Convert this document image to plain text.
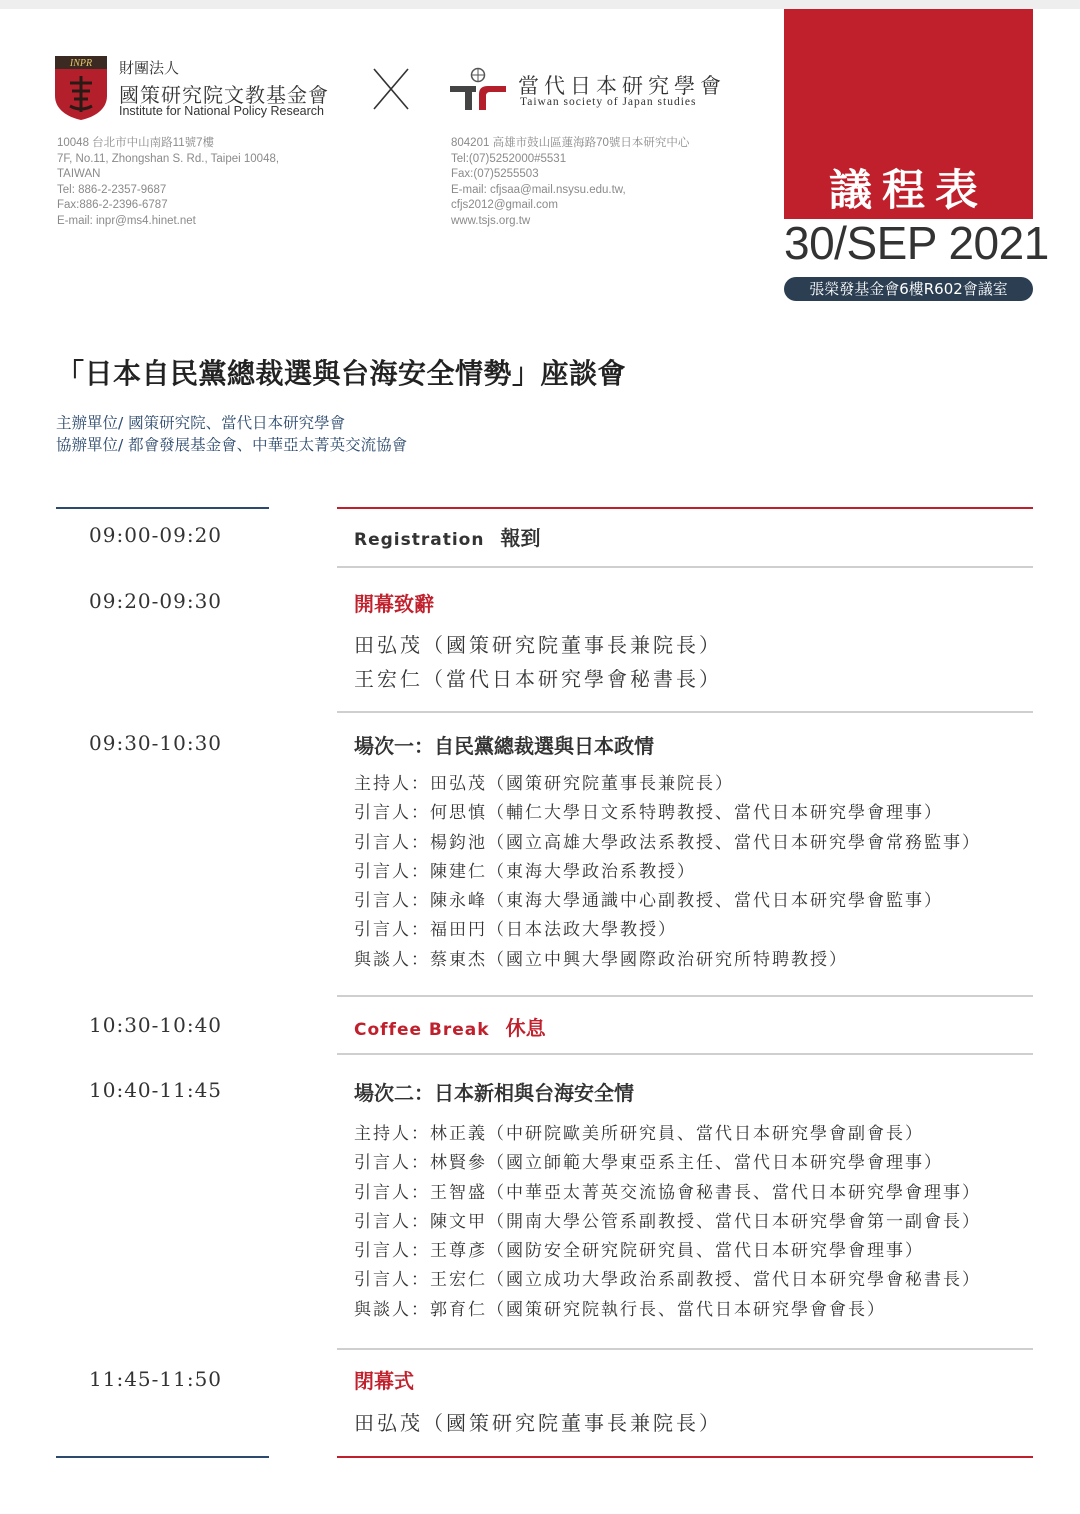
INPR 財團法人
國策研究院文教基金會
Institute for National Policy Research
當代日本研究學會
Taiwan society of Japan studies
10048 台北市中山南路11號7樓
7F, No.11, Zhongshan S. Rd., Taipei 10048,
TAIWAN
Tel: 886-2-2357-9687
Fax:886-2-2396-6787
E-mail: inpr@ms4.hinet.net
804201 高雄市鼓山區蓮海路70號日本研究中心
Tel:(07)5252000#5531
Fax:(07)5255503
E-mail: cfjsaa@mail.nsysu.edu.tw,
cfjs2012@gmail.com
www.tsjs.org.tw
議程表
30/SEP 2021
張榮發基金會6樓R602會議室
「日本自民黨總裁選與台海安全情勢」座談會
主辦單位/ 國策研究院、當代日本研究學會
協辦單位/ 都會發展基金會、中華亞太菁英交流協會
09:00-09:20	Registration 報到
09:20-09:30	開幕致辭
田弘茂（國策研究院董事長兼院長）
王宏仁（當代日本研究學會秘書長）
09:30-10:30	場次一：自民黨總裁選與日本政情
主持人：田弘茂（國策研究院董事長兼院長）
引言人：何思慎（輔仁大學日文系特聘教授、當代日本研究學會理事）
引言人：楊鈞池（國立高雄大學政法系教授、當代日本研究學會常務監事）
引言人：陳建仁（東海大學政治系教授）
引言人：陳永峰（東海大學通識中心副教授、當代日本研究學會監事）
引言人：福田円（日本法政大學教授）
與談人：蔡東杰（國立中興大學國際政治研究所特聘教授）
10:30-10:40	Coffee Break 休息
10:40-11:45	場次二：日本新相與台海安全情
主持人：林正義（中研院歐美所研究員、當代日本研究學會副會長）
引言人：林賢參（國立師範大學東亞系主任、當代日本研究學會理事）
引言人：王智盛（中華亞太菁英交流協會秘書長、當代日本研究學會理事）
引言人：陳文甲（開南大學公管系副教授、當代日本研究學會第一副會長）
引言人：王尊彥（國防安全研究院研究員、當代日本研究學會理事）
引言人：王宏仁（國立成功大學政治系副教授、當代日本研究學會秘書長）
與談人：郭育仁（國策研究院執行長、當代日本研究學會會長）
11:45-11:50	閉幕式
田弘茂（國策研究院董事長兼院長）
